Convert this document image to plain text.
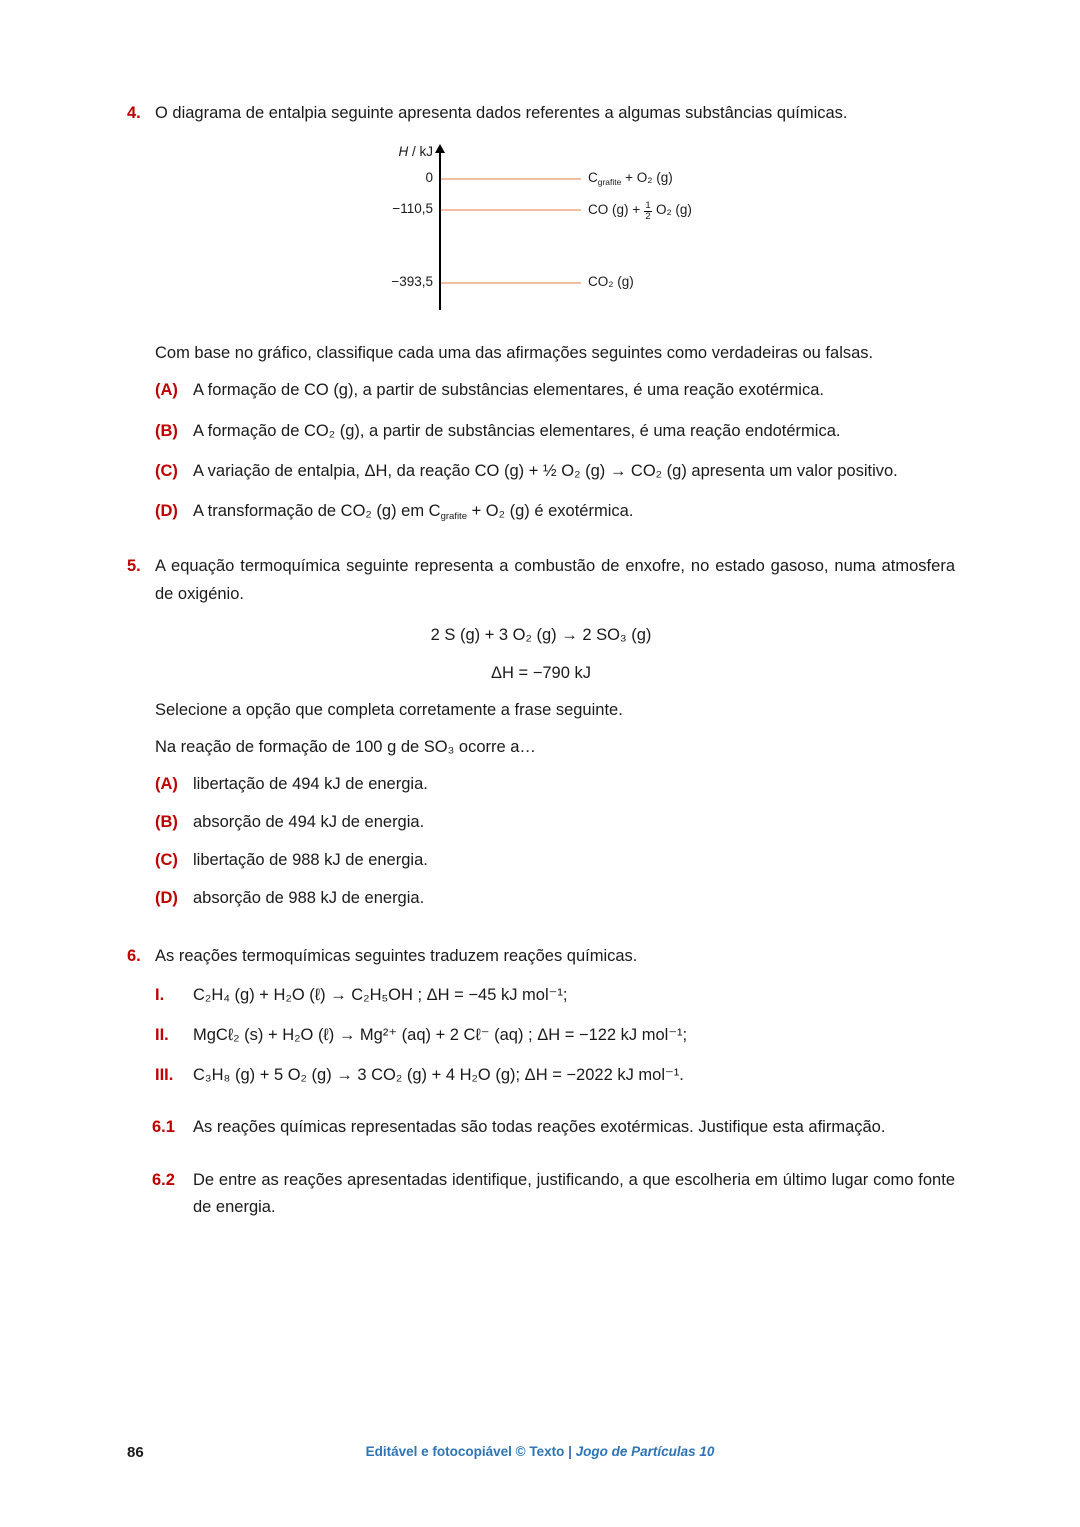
4. O diagrama de entalpia seguinte apresenta dados referentes a algumas substâncias químicas.
H / kJ
0	$C_{grafite} + O_2$ (g)
−110,5	CO $(g) + \frac{1}{2} O_2$ (g)
−393,5	CO₂ (g)
Com base no gráfico, classifique cada uma das afirmações seguintes como verdadeiras ou falsas.
(A) A formação de CO (g), a partir de substâncias elementares, é uma reação exotérmica.
(B) A formação de CO₂ (g), a partir de substâncias elementares, é uma reação endotérmica.
(C) A variação de entalpia, ΔH, da reação CO (g) + ½ O₂ (g) → CO₂ (g) apresenta um valor positivo.
(D) A transformação de CO₂ (g) em Cgrafite + O₂ (g) é exotérmica.
5. A equação termoquímica seguinte representa a combustão de enxofre, no estado gasoso, numa atmosfera de oxigénio.
2 S (g) + 3 O₂ (g) → 2 SO₃ (g)
ΔH = −790 kJ
Selecione a opção que completa corretamente a frase seguinte.
Na reação de formação de 100 g de SO₃ ocorre a…
(A) libertação de 494 kJ de energia.
(B) absorção de 494 kJ de energia.
(C) libertação de 988 kJ de energia.
(D) absorção de 988 kJ de energia.
6. As reações termoquímicas seguintes traduzem reações químicas.
I.	C₂H₄ (g) + H₂O (ℓ) → C₂H₅OH ; ΔH = −45 kJ mol⁻¹;
II.	MgCℓ₂ (s) + H₂O (ℓ) → Mg²⁺ (aq) + 2 Cℓ⁻ (aq) ; ΔH = −122 kJ mol⁻¹;
III.	C₃H₈ (g) + 5 O₂ (g) → 3 CO₂ (g) + 4 H₂O (g); ΔH = −2022 kJ mol⁻¹.
6.1	As reações químicas representadas são todas reações exotérmicas. Justifique esta afirmação.
6.2	De entre as reações apresentadas identifique, justificando, a que escolheria em último lugar como fonte de energia.
86	Editável e fotocopiável © Texto | Jogo de Partículas 10
